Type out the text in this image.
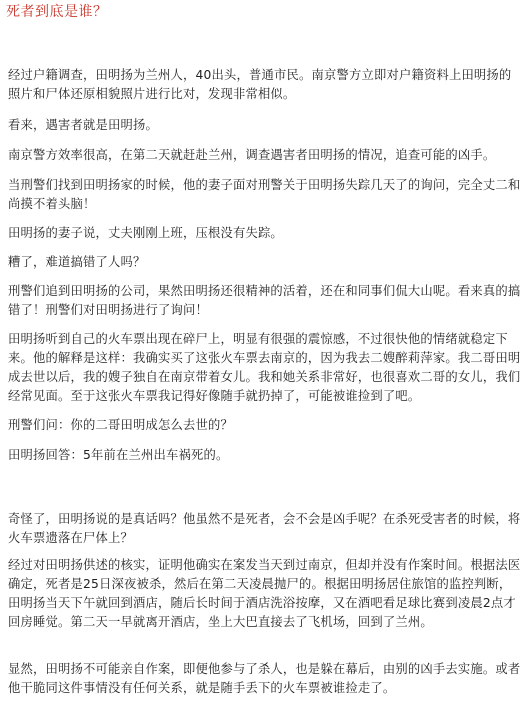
死者到底是谁？
经过户籍调查，田明扬为兰州人，40出头，普通市民。南京警方立即对户籍资料上田明扬的
照片和尸体还原相貌照片进行比对，发现非常相似。
看来，遇害者就是田明扬。
南京警方效率很高，在第二天就赶赴兰州，调查遇害者田明扬的情况，追查可能的凶手。
当刑警们找到田明扬家的时候，他的妻子面对刑警关于田明扬失踪几天了的询问，完全丈二和
尚摸不着头脑！
田明扬的妻子说，丈夫刚刚上班，压根没有失踪。
糟了，难道搞错了人吗？
刑警们追到田明扬的公司，果然田明扬还很精神的活着，还在和同事们侃大山呢。看来真的搞
错了！刑警们对田明扬进行了询问！
田明扬听到自己的火车票出现在碎尸上，明显有很强的震惊感，不过很快他的情绪就稳定下
来。他的解释是这样：我确实买了这张火车票去南京的，因为我去二嫂醉莉萍家。我二哥田明
成去世以后，我的嫂子独自在南京带着女儿。我和她关系非常好，也很喜欢二哥的女儿，我们
经常见面。至于这张火车票我记得好像随手就扔掉了，可能被谁捡到了吧。
刑警们问：你的二哥田明成怎么去世的？
田明扬回答：5年前在兰州出车祸死的。
奇怪了，田明扬说的是真话吗？他虽然不是死者，会不会是凶手呢？在杀死受害者的时候，将
火车票遗落在尸体上？
经过对田明扬供述的核实，证明他确实在案发当天到过南京，但却并没有作案时间。根据法医
确定，死者是25日深夜被杀，然后在第二天凌晨抛尸的。根据田明扬居住旅馆的监控判断，
田明扬当天下午就回到酒店，随后长时间于酒店洗浴按摩，又在酒吧看足球比赛到凌晨2点才
回房睡觉。第二天一早就离开酒店，坐上大巴直接去了飞机场，回到了兰州。
显然，田明扬不可能亲自作案，即便他参与了杀人，也是躲在幕后，由别的凶手去实施。或者
他干脆同这件事情没有任何关系，就是随手丢下的火车票被谁捡走了。
